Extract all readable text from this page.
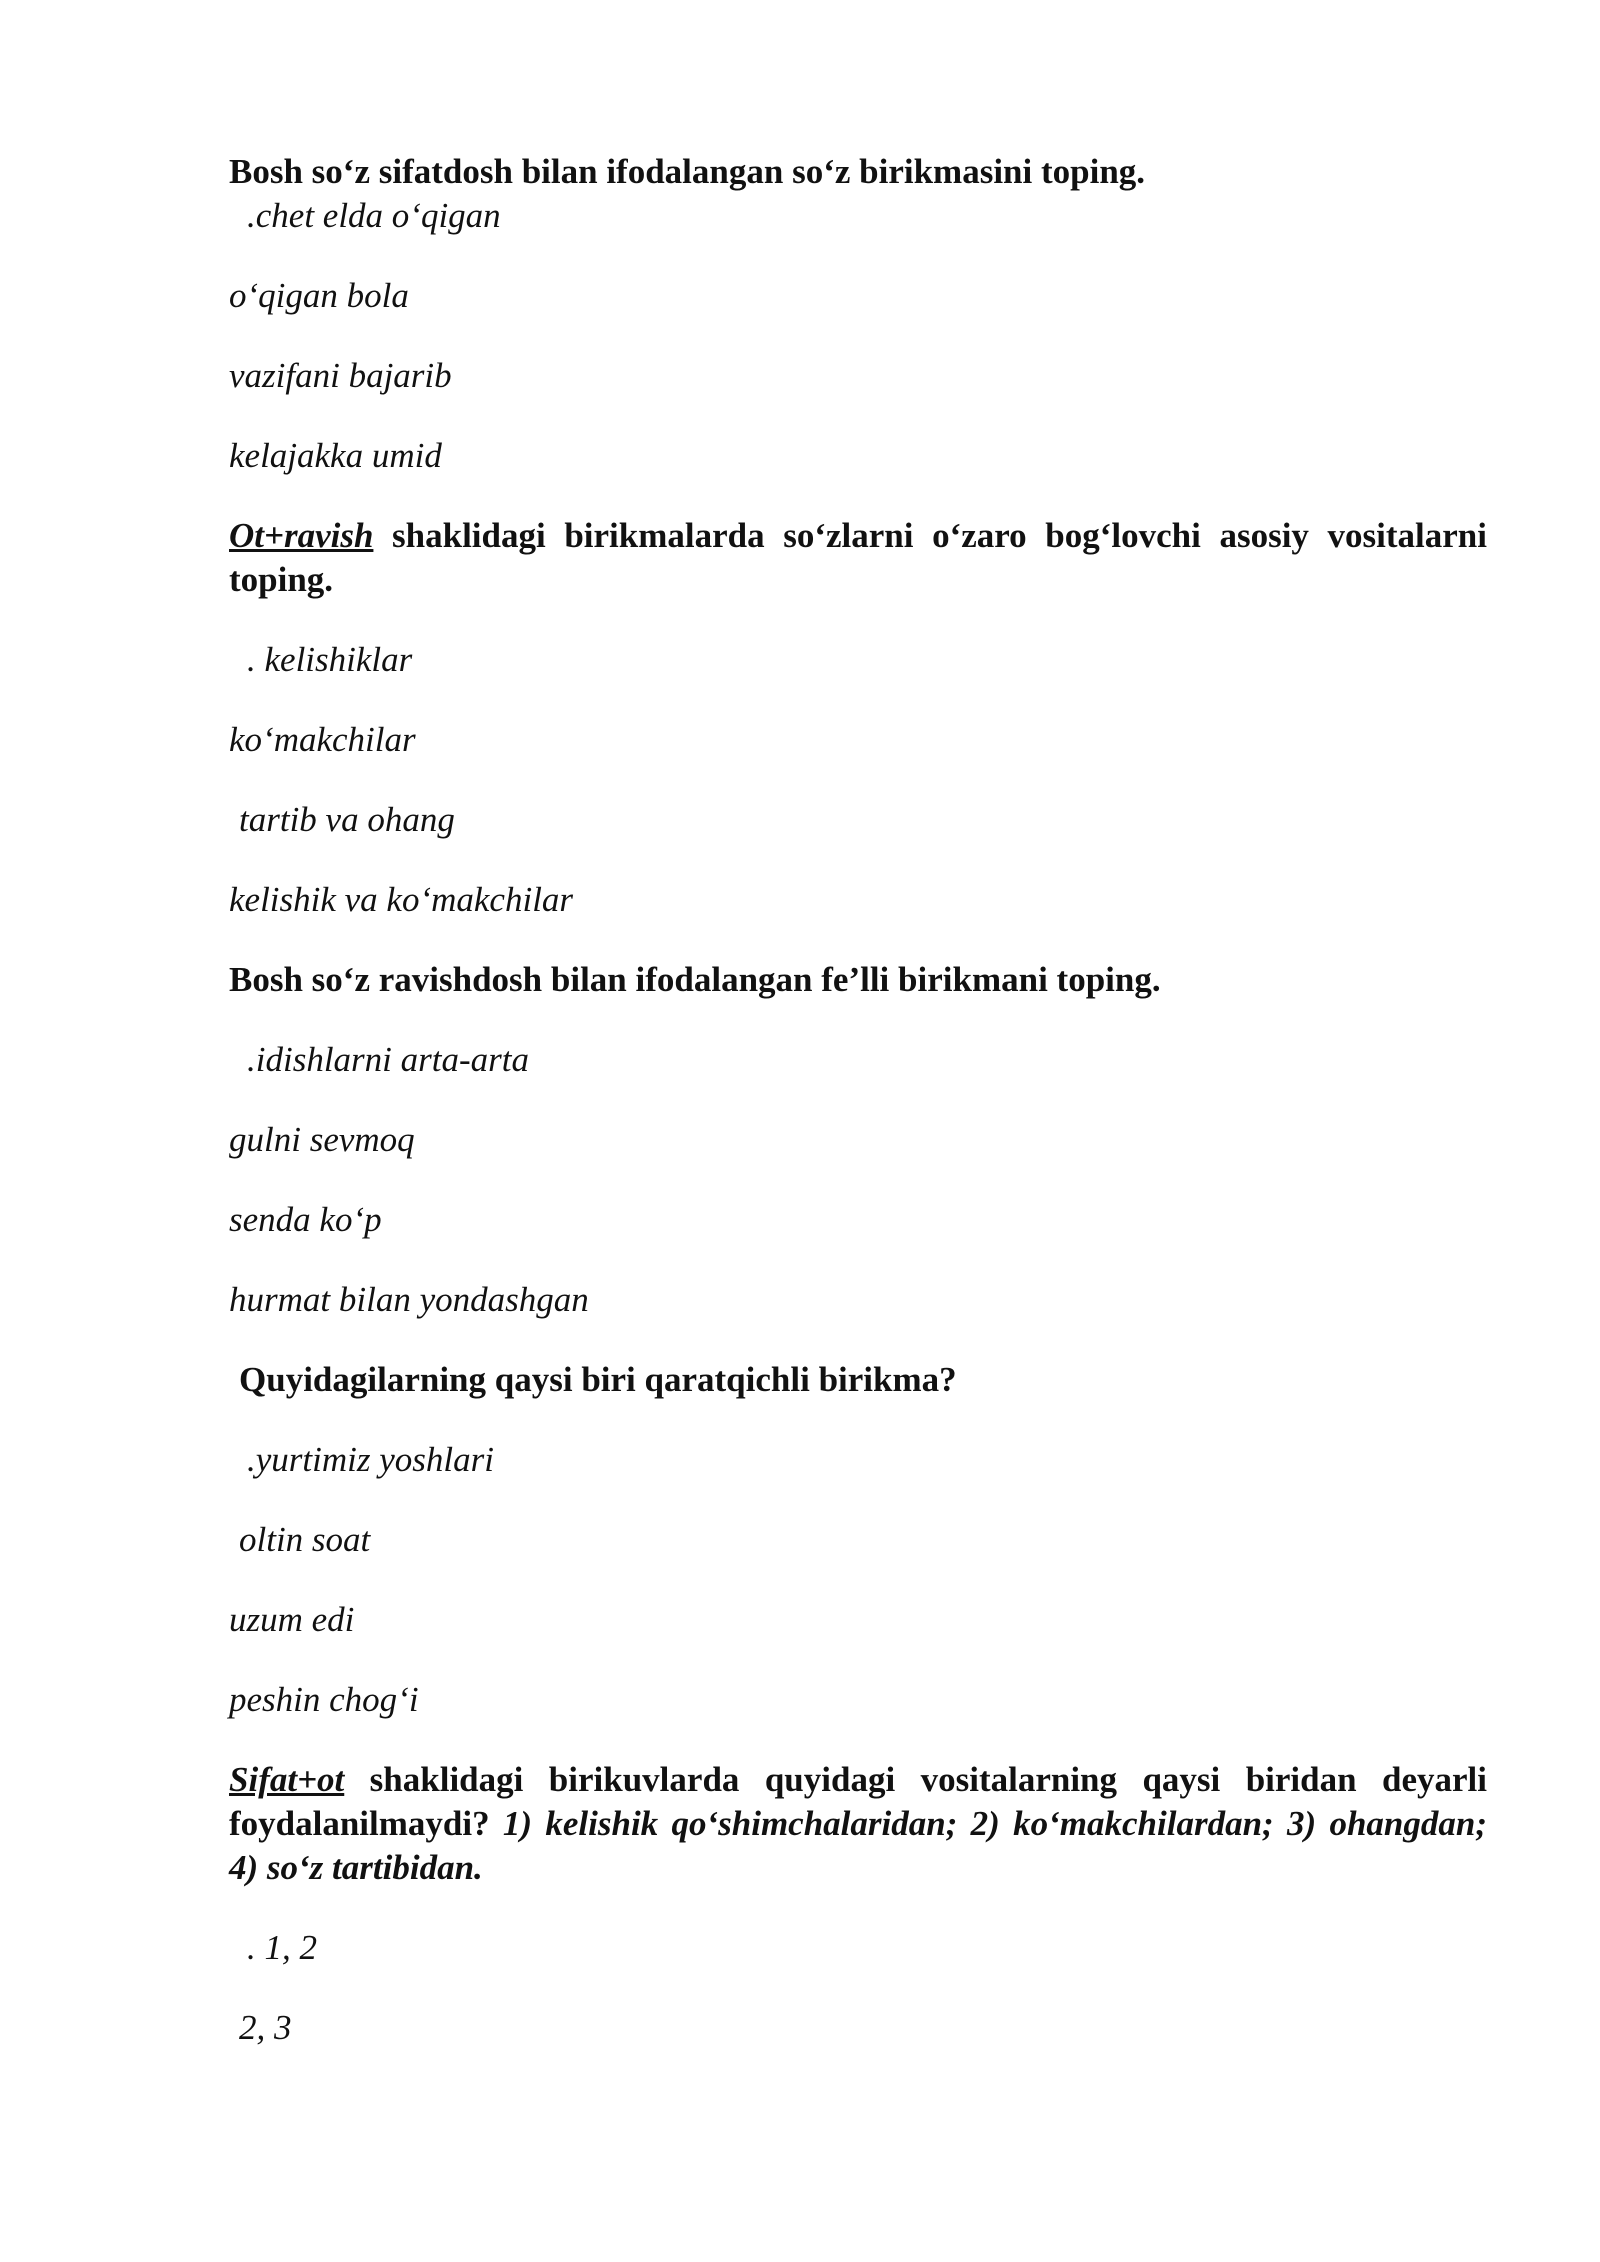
Bosh so‘z sifatdosh bilan ifodalangan so‘z birikmasini toping.

.chet elda o‘qigan

o‘qigan bola

vazifani bajarib

kelajakka umid

Ot+ravish shaklidagi birikmalarda so‘zlarni o‘zaro bog‘lovchi asosiy vositalarni toping.

. kelishiklar

ko‘makchilar

tartib va ohang

kelishik va ko‘makchilar

Bosh so‘z ravishdosh bilan ifodalangan fe’lli birikmani toping.

.idishlarni arta-arta

gulni sevmoq

senda ko‘p

hurmat bilan yondashgan

Quyidagilarning qaysi biri qaratqichli birikma?

.yurtimiz yoshlari

oltin soat

uzum edi

peshin chog‘i

Sifat+ot shaklidagi birikuvlarda quyidagi vositalarning qaysi biridan deyarli foydalanilmaydi? 1) kelishik qo‘shimchalaridan; 2) ko‘makchilardan; 3) ohangdan; 4) so‘z tartibidan.

. 1, 2

2, 3
